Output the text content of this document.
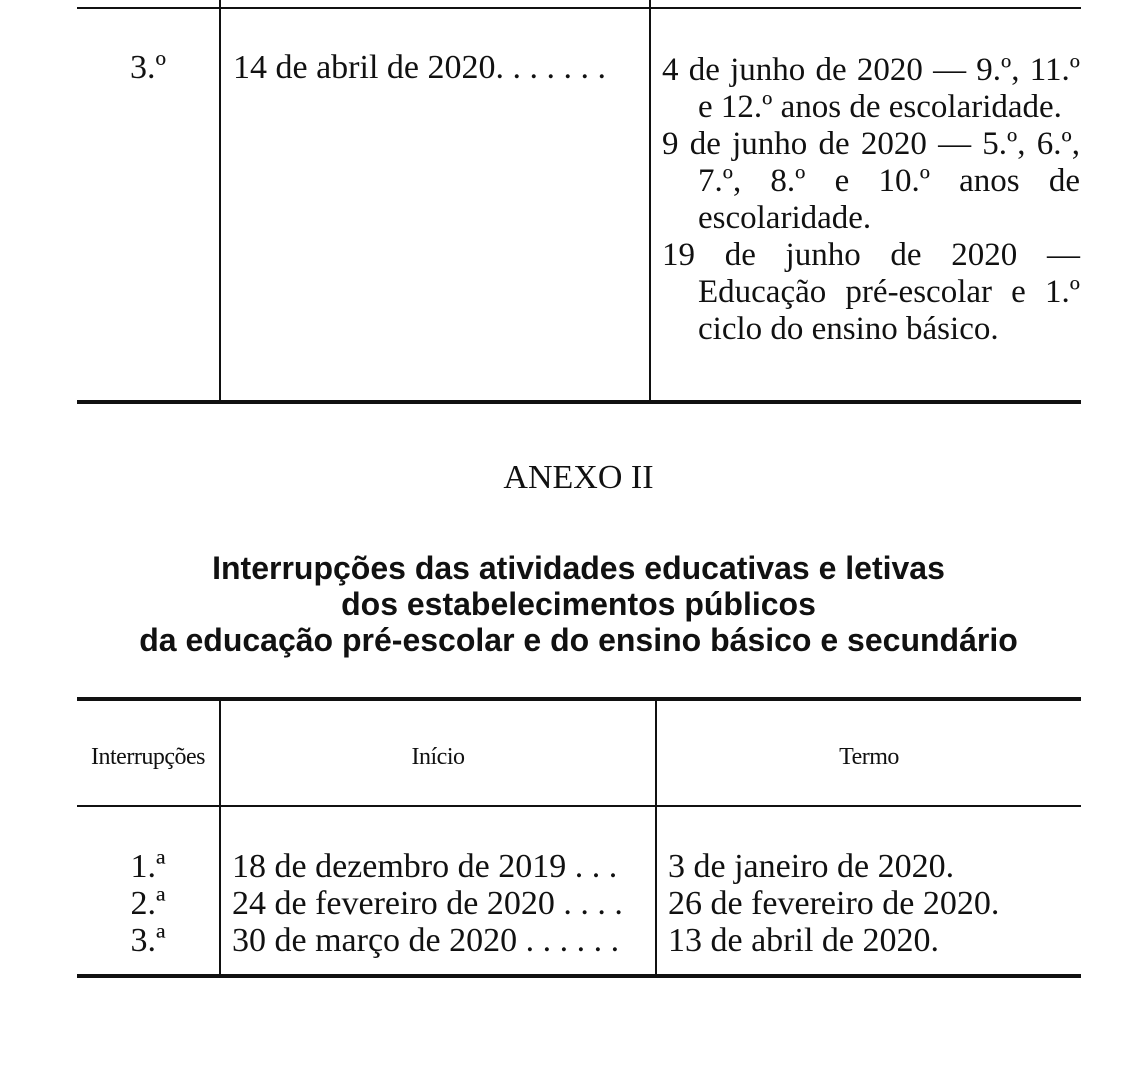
3.º	14 de abril de 2020. . . . . . .	4 de junho de 2020 — 9.º, 11.º e 12.º anos de escolaridade.
9 de junho de 2020 — 5.º, 6.º, 7.º, 8.º e 10.º anos de escolaridade.
19 de junho de 2020 — Educação pré-escolar e 1.º ciclo do ensino básico.
ANEXO II
Interrupções das atividades educativas e letivas
dos estabelecimentos públicos
da educação pré-escolar e do ensino básico e secundário
Interrupções	Início	Termo
1.ª	18 de dezembro de 2019 . . .	3 de janeiro de 2020.
2.ª	24 de fevereiro de 2020 . . . .	26 de fevereiro de 2020.
3.ª	30 de março de 2020 . . . . . .	13 de abril de 2020.
